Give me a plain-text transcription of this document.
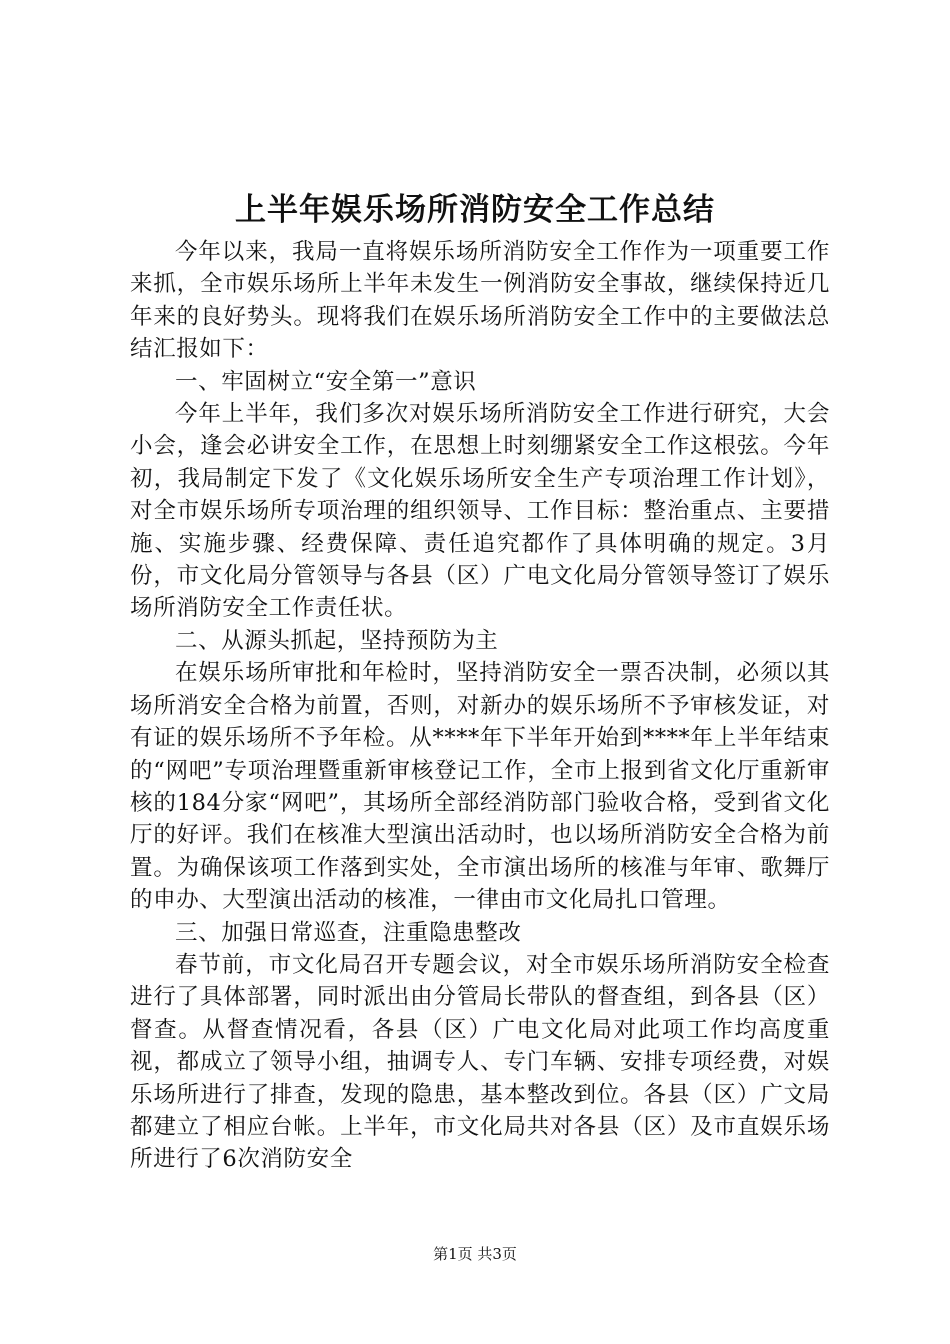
上半年娱乐场所消防安全工作总结

今年以来，我局一直将娱乐场所消防安全工作作为一项重要工作来抓，全市娱乐场所上半年未发生一例消防安全事故，继续保持近几年来的良好势头。现将我们在娱乐场所消防安全工作中的主要做法总结汇报如下：

一、牢固树立“安全第一”意识

今年上半年，我们多次对娱乐场所消防安全工作进行研究，大会小会，逢会必讲安全工作，在思想上时刻绷紧安全工作这根弦。今年初，我局制定下发了《文化娱乐场所安全生产专项治理工作计划》，对全市娱乐场所专项治理的组织领导、工作目标：整治重点、主要措施、实施步骤、经费保障、责任追究都作了具体明确的规定。3月份，市文化局分管领导与各县（区）广电文化局分管领导签订了娱乐场所消防安全工作责任状。

二、从源头抓起，坚持预防为主

在娱乐场所审批和年检时，坚持消防安全一票否决制，必须以其场所消安全合格为前置，否则，对新办的娱乐场所不予审核发证，对有证的娱乐场所不予年检。从****年下半年开始到****年上半年结束的“网吧”专项治理暨重新审核登记工作，全市上报到省文化厅重新审核的184分家“网吧”，其场所全部经消防部门验收合格，受到省文化厅的好评。我们在核准大型演出活动时，也以场所消防安全合格为前置。为确保该项工作落到实处，全市演出场所的核准与年审、歌舞厅的申办、大型演出活动的核准，一律由市文化局扎口管理。

三、加强日常巡查，注重隐患整改

春节前，市文化局召开专题会议，对全市娱乐场所消防安全检查进行了具体部署，同时派出由分管局长带队的督查组，到各县（区）督查。从督查情况看，各县（区）广电文化局对此项工作均高度重视，都成立了领导小组，抽调专人、专门车辆、安排专项经费，对娱乐场所进行了排查，发现的隐患，基本整改到位。各县（区）广文局都建立了相应台帐。上半年，市文化局共对各县（区）及市直娱乐场所进行了6次消防安全

第1页 共3页
